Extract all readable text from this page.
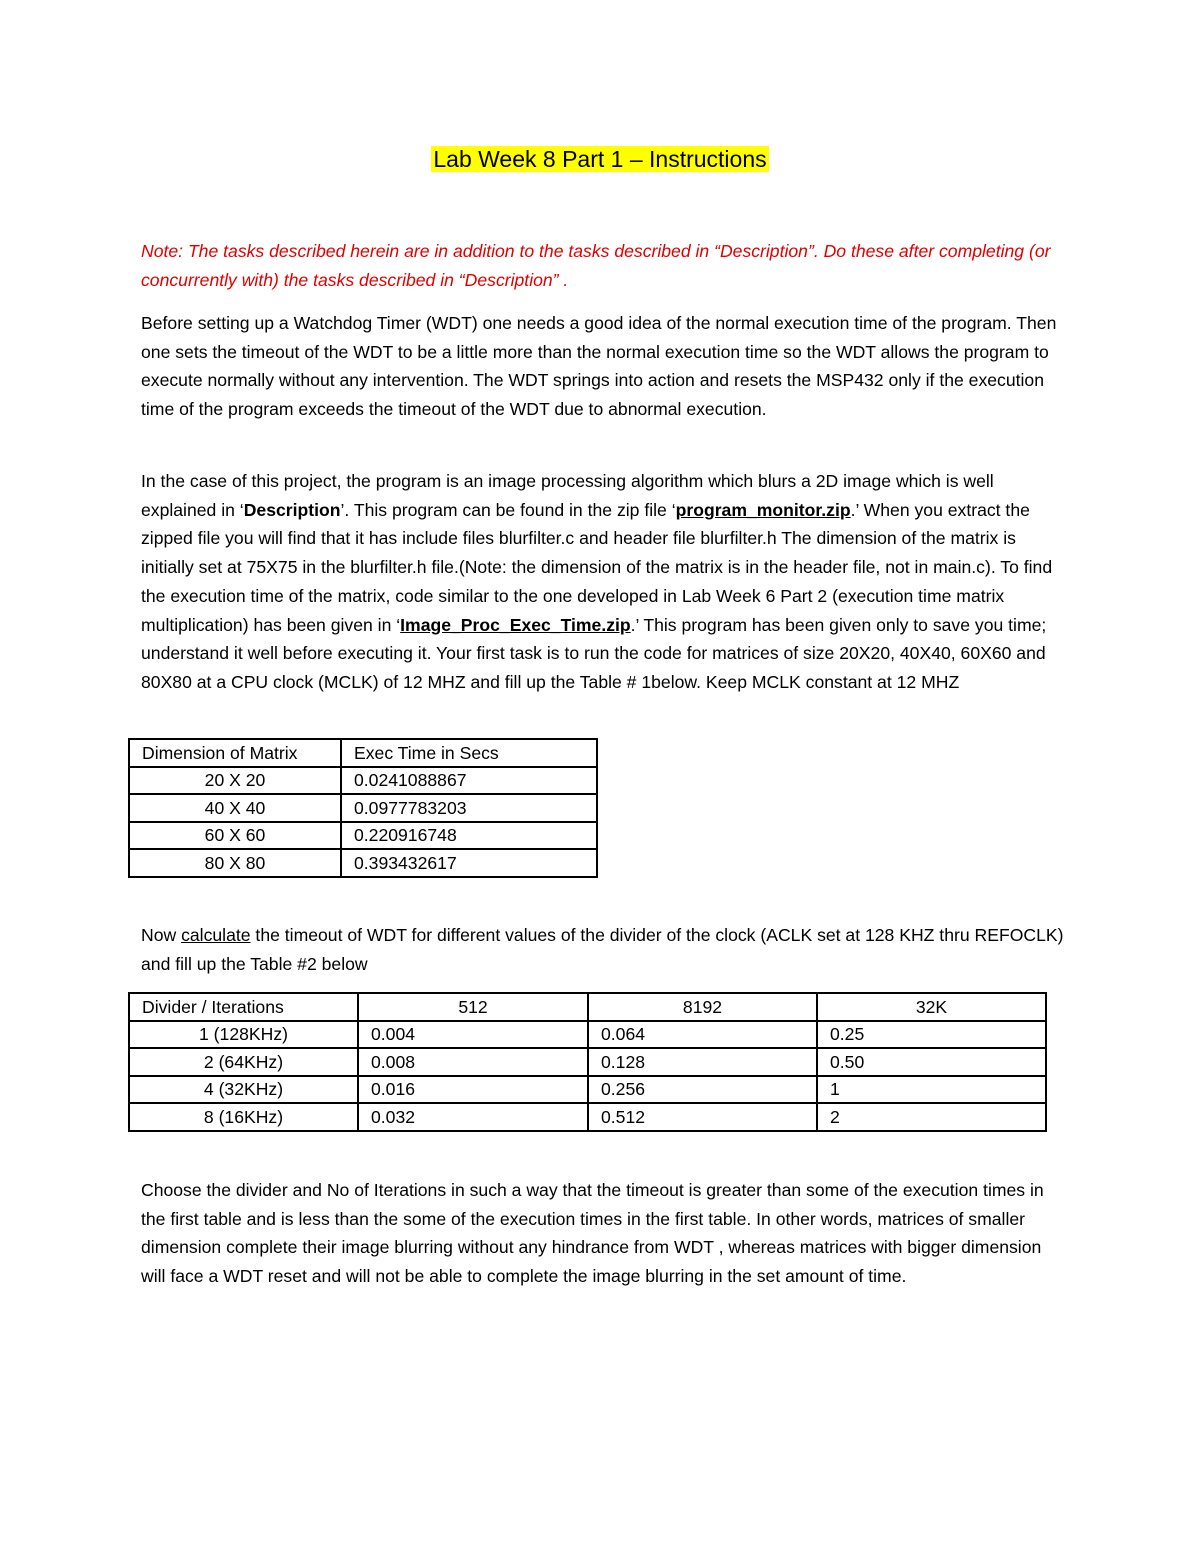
Lab Week 8 Part 1 – Instructions

Note: The tasks described herein are in addition to the tasks described in “Description”. Do these after completing (or concurrently with) the tasks described in “Description” .

Before setting up a Watchdog Timer (WDT) one needs a good idea of the normal execution time of the program. Then one sets the timeout of the WDT to be a little more than the normal execution time so the WDT allows the program to execute normally without any intervention. The WDT springs into action and resets the MSP432 only if the execution time of the program exceeds the timeout of the WDT due to abnormal execution.

In the case of this project, the program is an image processing algorithm which blurs a 2D image which is well explained in ‘Description’. This program can be found in the zip file ‘program_monitor.zip.’ When you extract the zipped file you will find that it has include files blurfilter.c and header file blurfilter.h The dimension of the matrix is initially set at 75X75 in the blurfilter.h file.(Note: the dimension of the matrix is in the header file, not in main.c). To find the execution time of the matrix, code similar to the one developed in Lab Week 6 Part 2 (execution time matrix multiplication) has been given in ‘Image_Proc_Exec_Time.zip.’ This program has been given only to save you time; understand it well before executing it. Your first task is to run the code for matrices of size 20X20, 40X40, 60X60 and 80X80 at a CPU clock (MCLK) of 12 MHZ and fill up the Table # 1below. Keep MCLK constant at 12 MHZ

Dimension of Matrix	Exec Time in Secs
20 X 20	0.0241088867
40 X 40	0.0977783203
60 X 60	0.220916748
80 X 80	0.393432617

Now calculate the timeout of WDT for different values of the divider of the clock (ACLK set at 128 KHZ thru REFOCLK) and fill up the Table #2 below

Divider / Iterations	512	8192	32K
1 (128KHz)	0.004	0.064	0.25
2 (64KHz)	0.008	0.128	0.50
4 (32KHz)	0.016	0.256	1
8 (16KHz)	0.032	0.512	2

Choose the divider and No of Iterations in such a way that the timeout is greater than some of the execution times in the first table and is less than the some of the execution times in the first table. In other words, matrices of smaller dimension complete their image blurring without any hindrance from WDT , whereas matrices with bigger dimension will face a WDT reset and will not be able to complete the image blurring in the set amount of time.
